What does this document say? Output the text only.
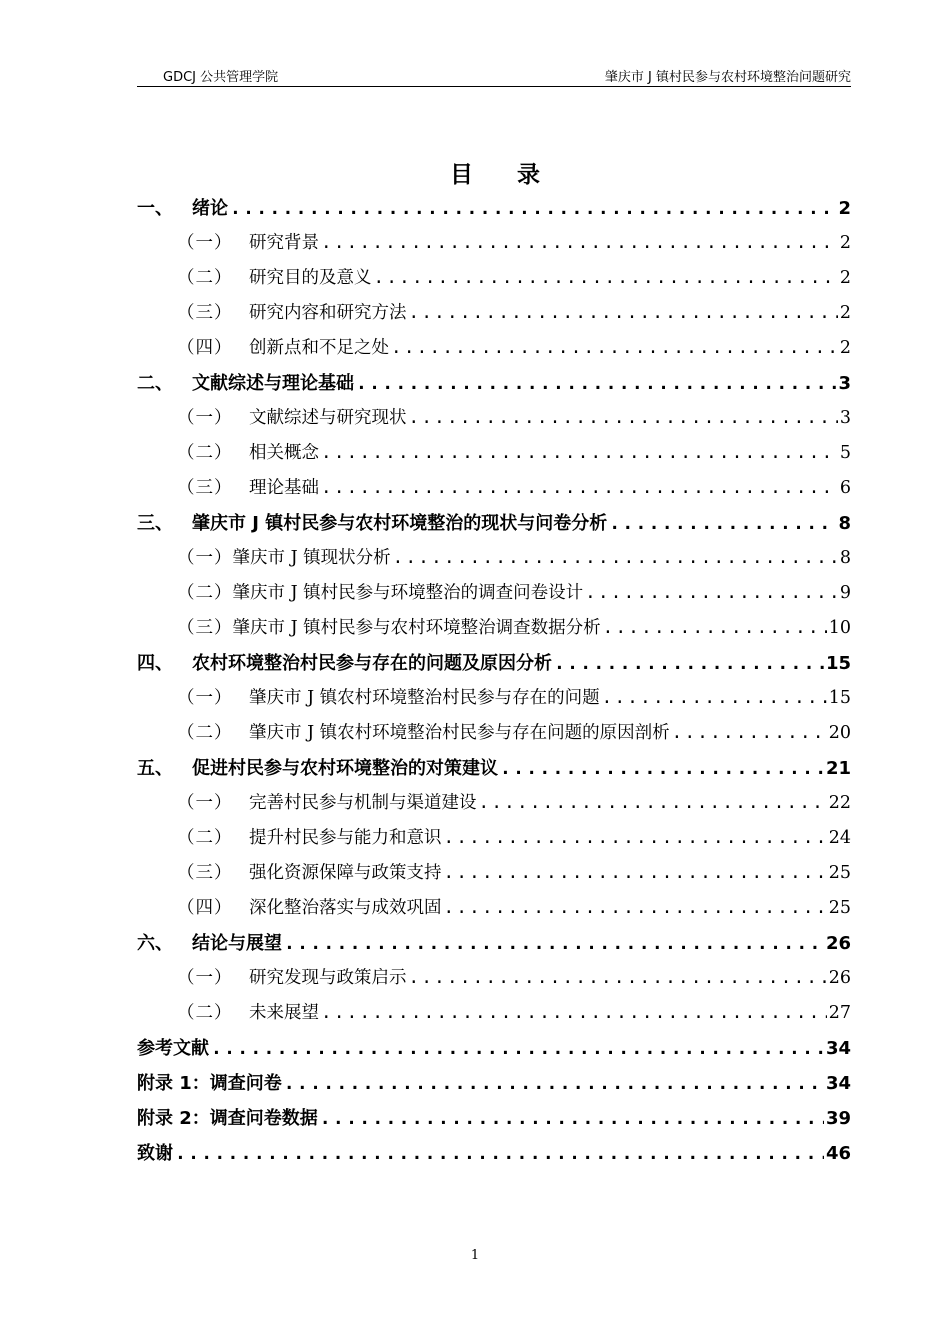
GDCJ 公共管理学院	肇庆市 J 镇村民参与农村环境整治问题研究
目录
一、	绪论 .....	2
（一） 研究背景 .....	2
（二） 研究目的及意义 .....	2
（三） 研究内容和研究方法 .....	2
（四） 创新点和不足之处 .....	2
二、	文献综述与理论基础 .....	3
（一） 文献综述与研究现状 .....	3
（二） 相关概念 .....	5
（三） 理论基础 .....	6
三、	肇庆市 J 镇村民参与农村环境整治的现状与问卷分析 .....	8
（一） 肇庆市 J 镇现状分析 .....	8
（二） 肇庆市 J 镇村民参与环境整治的调查问卷设计 .....	9
（三） 肇庆市 J 镇村民参与农村环境整治调查数据分析 .....	10
四、	农村环境整治村民参与存在的问题及原因分析 .....	15
（一） 肇庆市 J 镇农村环境整治村民参与存在的问题 .....	15
（二） 肇庆市 J 镇农村环境整治村民参与存在问题的原因剖析 .....	20
五、	促进村民参与农村环境整治的对策建议 .....	21
（一） 完善村民参与机制与渠道建设 .....	22
（二） 提升村民参与能力和意识 .....	24
（三） 强化资源保障与政策支持 .....	25
（四） 深化整治落实与成效巩固 .....	25
六、	结论与展望 .....	26
（一） 研究发现与政策启示 .....	26
（二） 未来展望 .....	27
参考文献 .....	34
附录 1：调查问卷 .....	34
附录 2：调查问卷数据 .....	39
致谢 .....	46
1
